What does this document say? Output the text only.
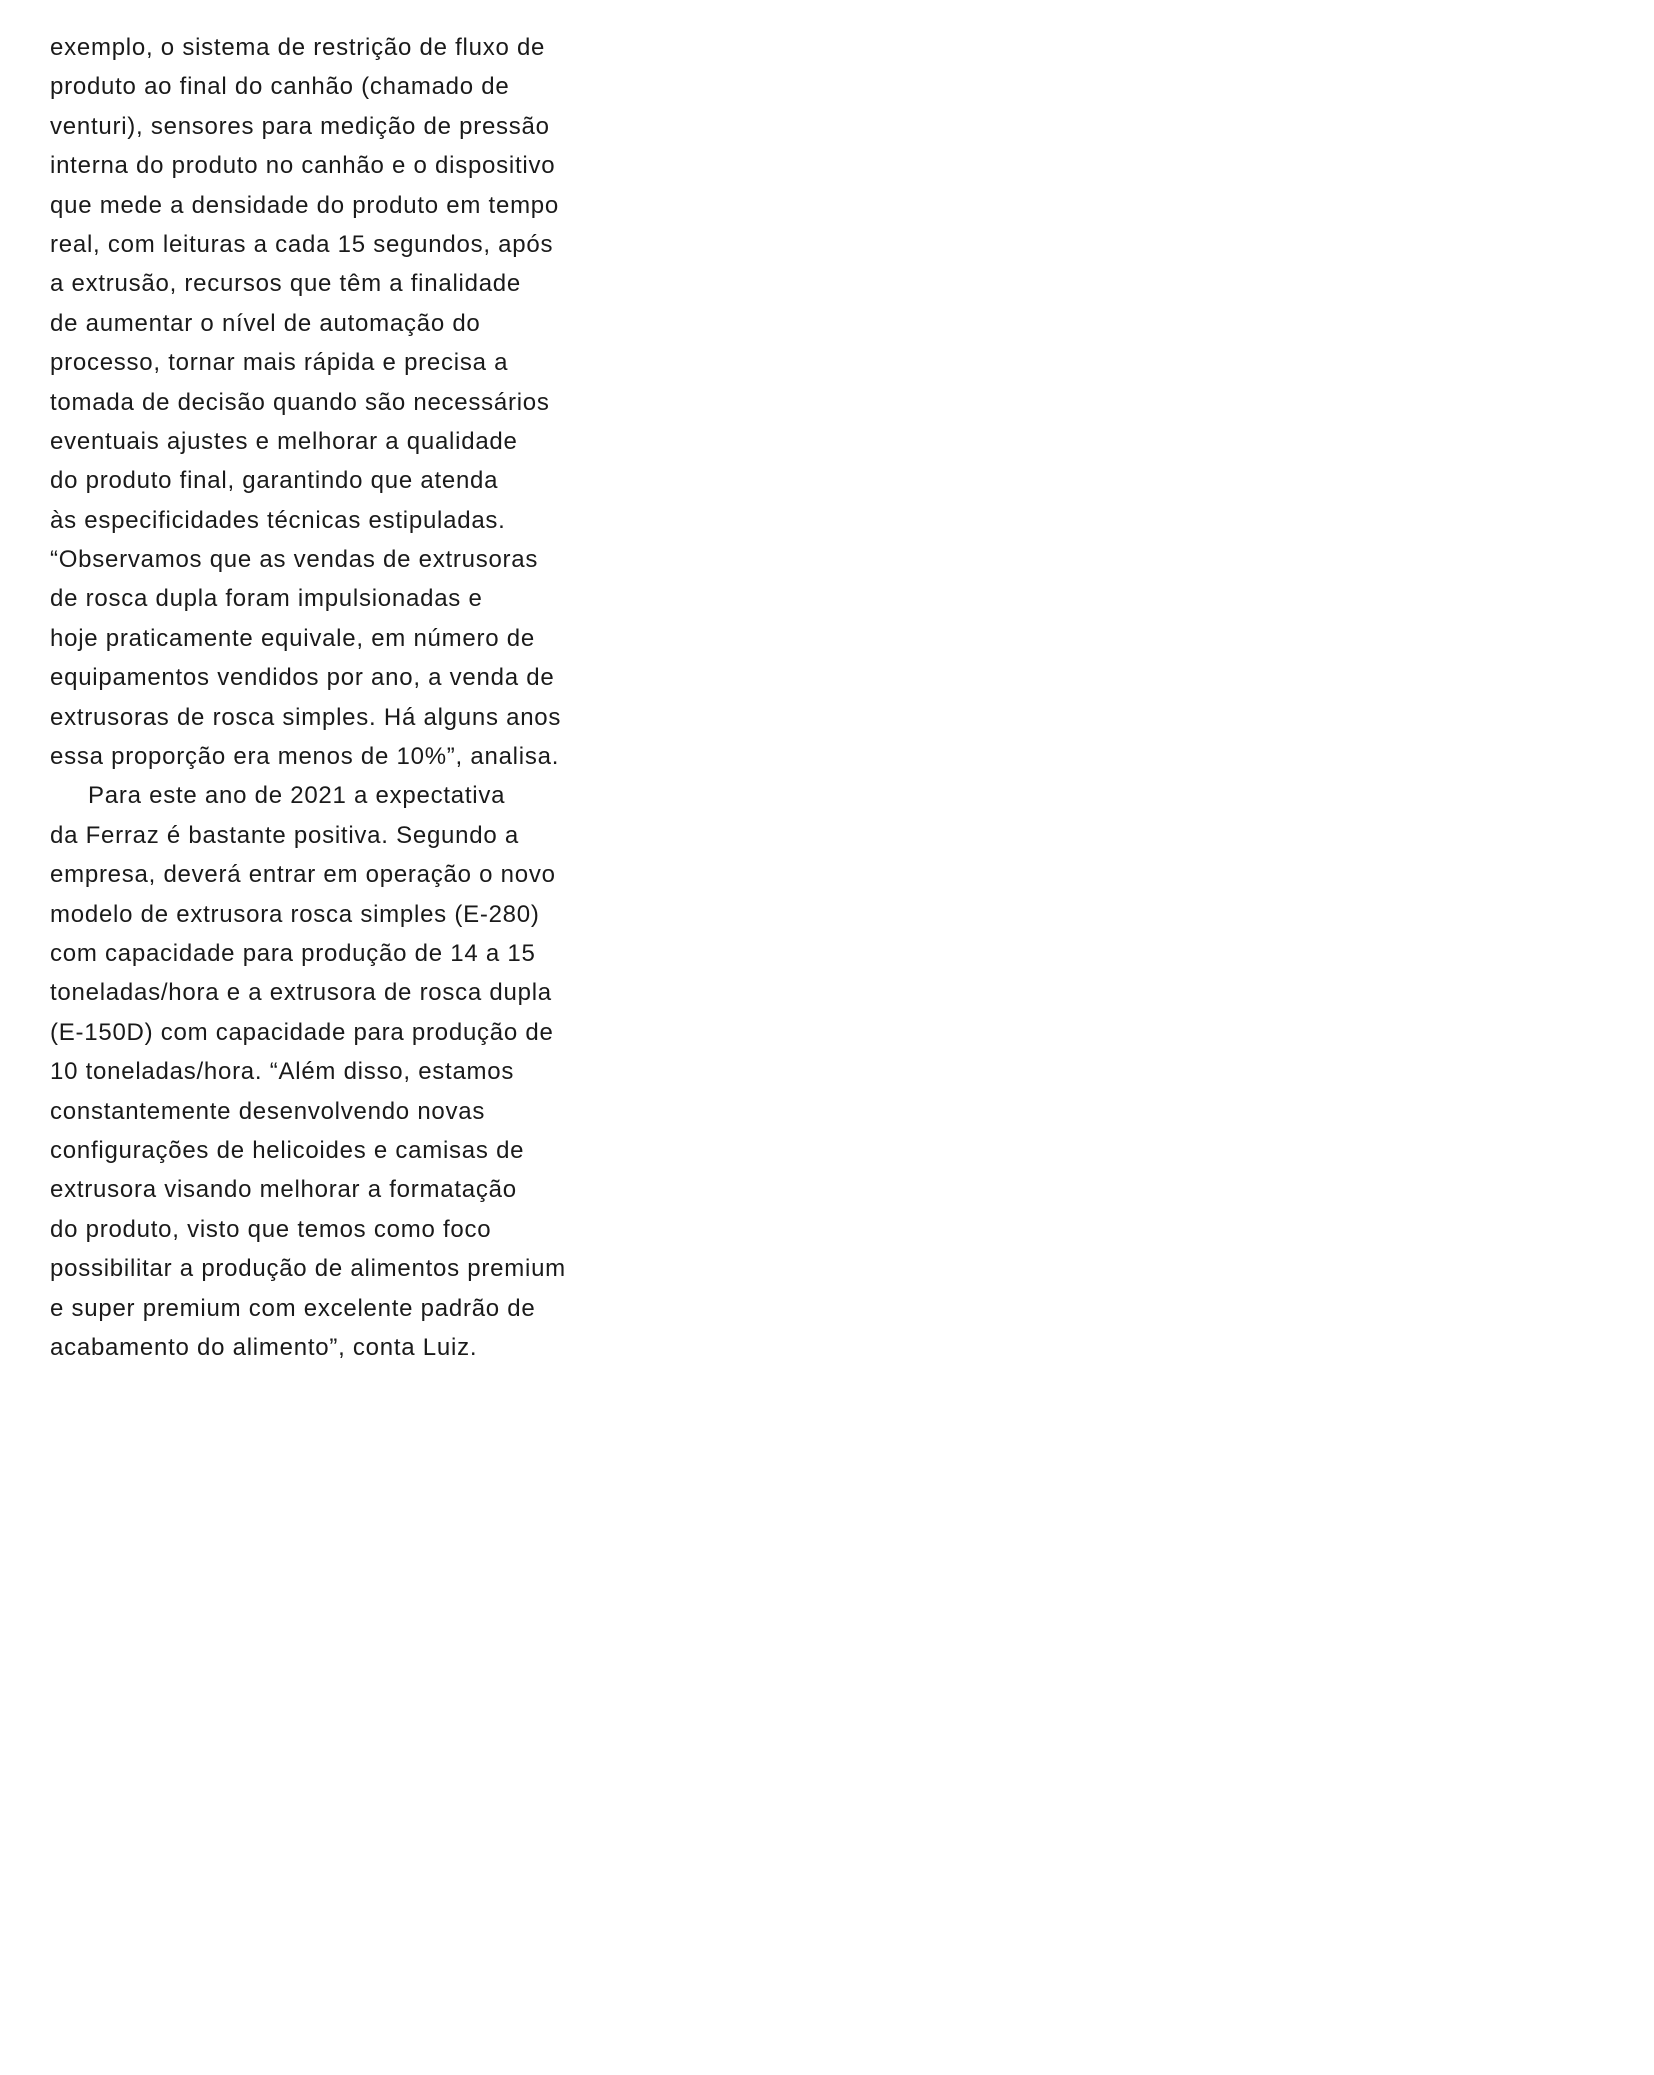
exemplo, o sistema de restrição de fluxo de
produto ao final do canhão (chamado de
venturi), sensores para medição de pressão
interna do produto no canhão e o dispositivo
que mede a densidade do produto em tempo
real, com leituras a cada 15 segundos, após
a extrusão, recursos que têm a finalidade
de aumentar o nível de automação do
processo, tornar mais rápida e precisa a
tomada de decisão quando são necessários
eventuais ajustes e melhorar a qualidade
do produto final, garantindo que atenda
às especificidades técnicas estipuladas.
“Observamos que as vendas de extrusoras
de rosca dupla foram impulsionadas e
hoje praticamente equivale, em número de
equipamentos vendidos por ano, a venda de
extrusoras de rosca simples. Há alguns anos
essa proporção era menos de 10%”, analisa.
Para este ano de 2021 a expectativa
da Ferraz é bastante positiva. Segundo a
empresa, deverá entrar em operação o novo
modelo de extrusora rosca simples (E-280)
com capacidade para produção de 14 a 15
toneladas/hora e a extrusora de rosca dupla
(E-150D) com capacidade para produção de
10 toneladas/hora. “Além disso, estamos
constantemente desenvolvendo novas
configurações de helicoides e camisas de
extrusora visando melhorar a formatação
do produto, visto que temos como foco
possibilitar a produção de alimentos premium
e super premium com excelente padrão de
acabamento do alimento”, conta Luiz.
